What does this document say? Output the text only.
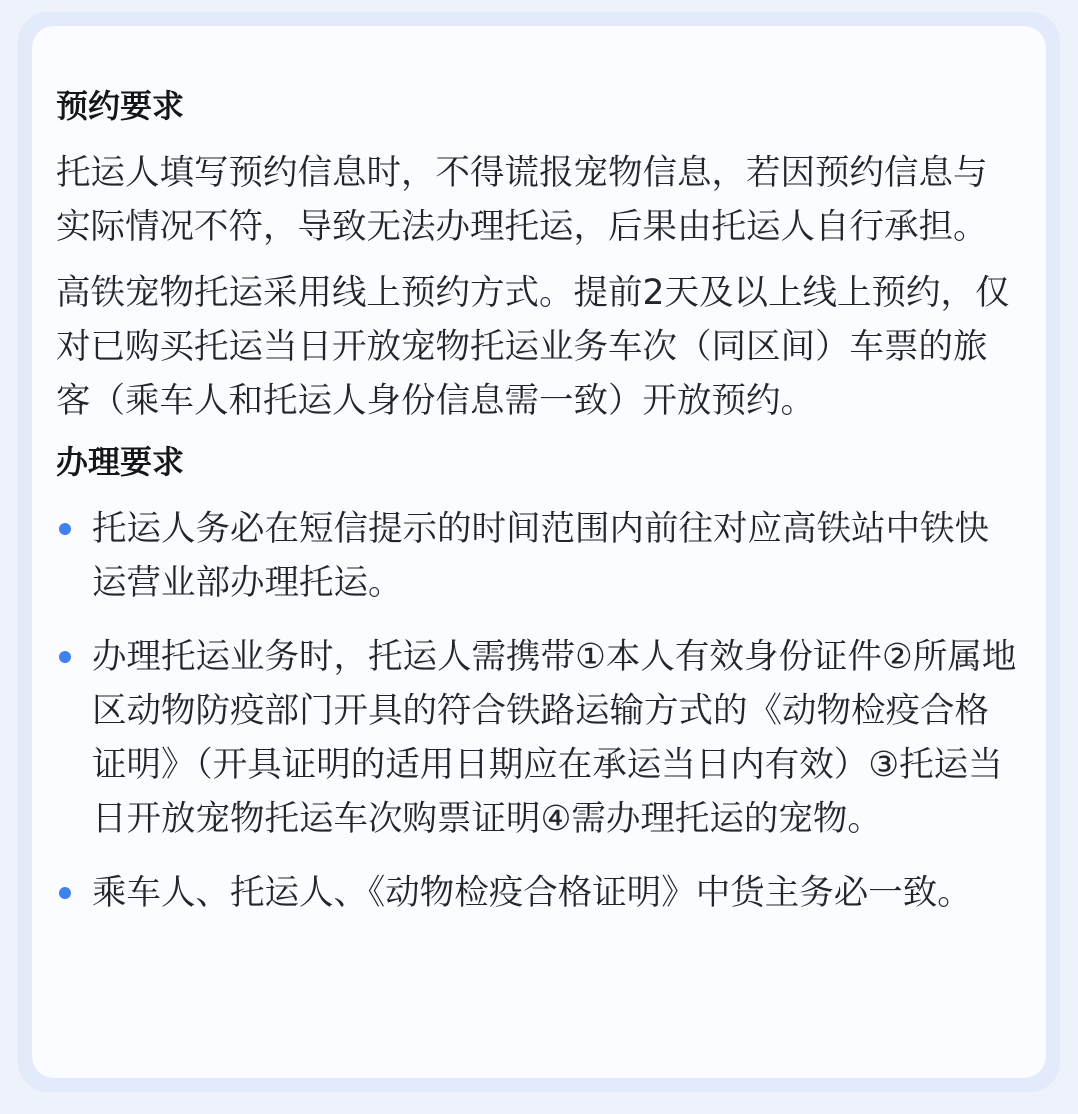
预约要求

托运人填写预约信息时，不得谎报宠物信息，若因预约信息与实际情况不符，导致无法办理托运，后果由托运人自行承担。

高铁宠物托运采用线上预约方式。提前2天及以上线上预约，仅对已购买托运当日开放宠物托运业务车次（同区间）车票的旅客（乘车人和托运人身份信息需一致）开放预约。

办理要求
托运人务必在短信提示的时间范围内前往对应高铁站中铁快运营业部办理托运。
办理托运业务时，托运人需携带①本人有效身份证件②所属地区动物防疫部门开具的符合铁路运输方式的《动物检疫合格证明》（开具证明的适用日期应在承运当日内有效）③托运当日开放宠物托运车次购票证明④需办理托运的宠物。
乘车人、托运人、《动物检疫合格证明》中货主务必一致。
